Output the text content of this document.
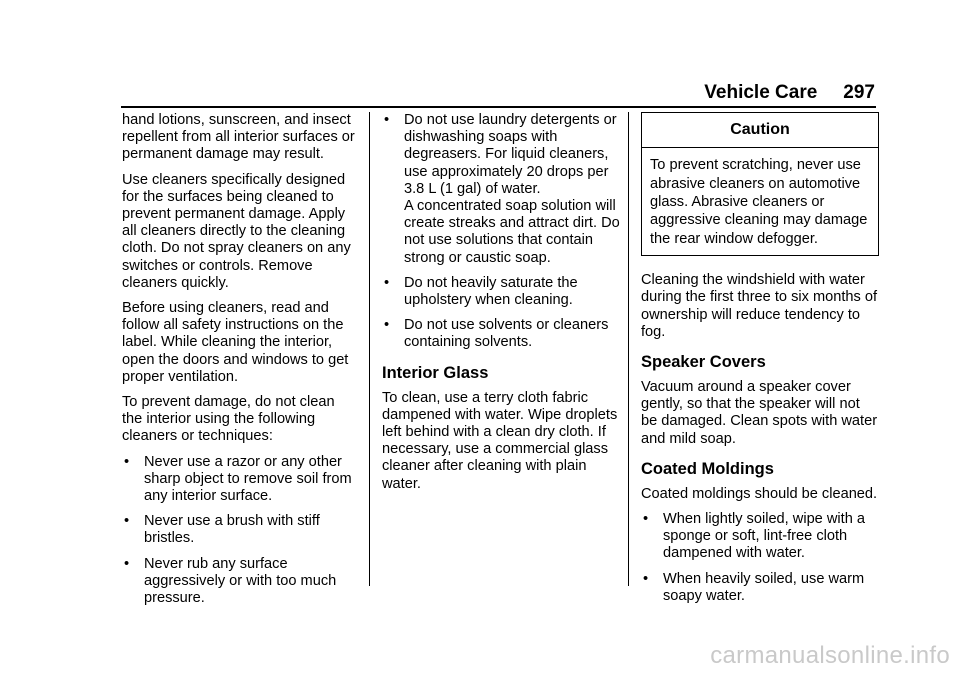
Vehicle Care 297

hand lotions, sunscreen, and insect repellent from all interior surfaces or permanent damage may result.

Use cleaners specifically designed for the surfaces being cleaned to prevent permanent damage. Apply all cleaners directly to the cleaning cloth. Do not spray cleaners on any switches or controls. Remove cleaners quickly.

Before using cleaners, read and follow all safety instructions on the label. While cleaning the interior, open the doors and windows to get proper ventilation.

To prevent damage, do not clean the interior using the following cleaners or techniques:

• Never use a razor or any other sharp object to remove soil from any interior surface.
• Never use a brush with stiff bristles.
• Never rub any surface aggressively or with too much pressure.
• Do not use laundry detergents or dishwashing soaps with degreasers. For liquid cleaners, use approximately 20 drops per 3.8 L (1 gal) of water.
A concentrated soap solution will create streaks and attract dirt. Do not use solutions that contain strong or caustic soap.
• Do not heavily saturate the upholstery when cleaning.
• Do not use solvents or cleaners containing solvents.
Interior Glass

To clean, use a terry cloth fabric dampened with water. Wipe droplets left behind with a clean dry cloth. If necessary, use a commercial glass cleaner after cleaning with plain water.

Caution
To prevent scratching, never use abrasive cleaners on automotive glass. Abrasive cleaners or aggressive cleaning may damage the rear window defogger.

Cleaning the windshield with water during the first three to six months of ownership will reduce tendency to fog.

Speaker Covers

Vacuum around a speaker cover gently, so that the speaker will not be damaged. Clean spots with water and mild soap.

Coated Moldings

Coated moldings should be cleaned.

• When lightly soiled, wipe with a sponge or soft, lint-free cloth dampened with water.
• When heavily soiled, use warm soapy water.
carmanualsonline.info
